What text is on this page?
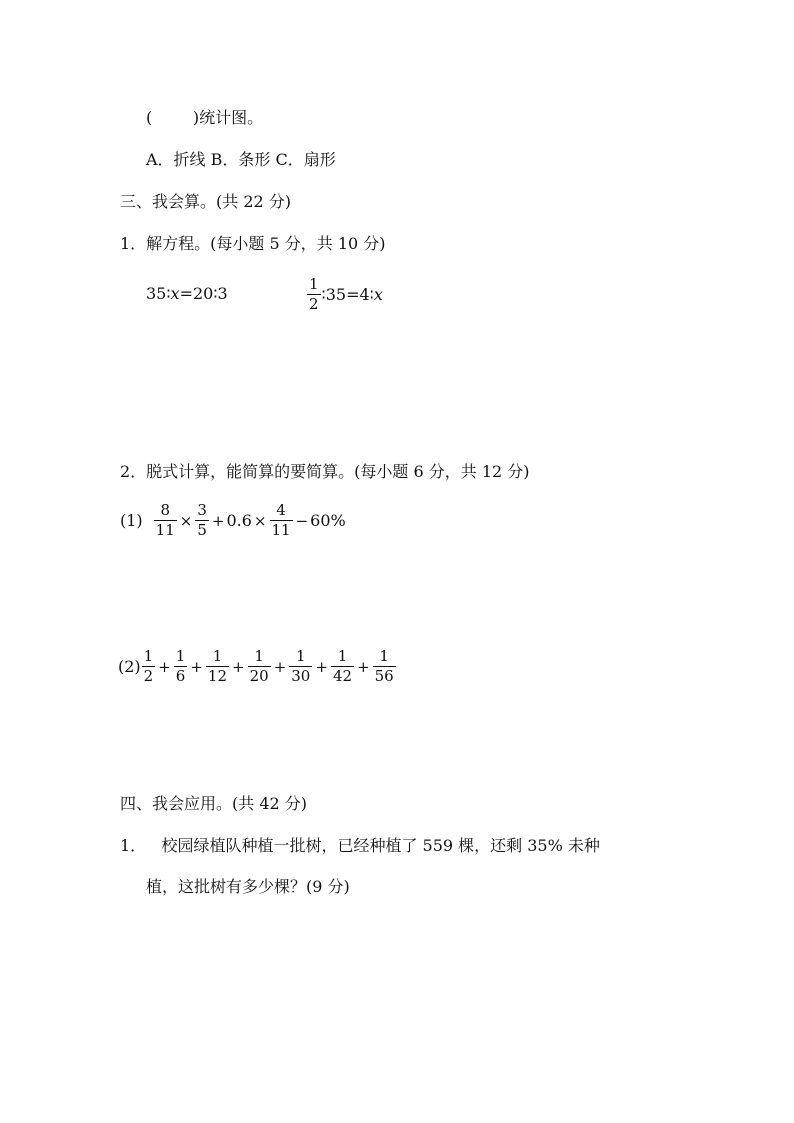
(        )统计图。
A．折线 B．条形 C．扇形
三、我会算。(共 22 分)
1．解方程。(每小题 5 分，共 10 分)
35 ∶ x =20∶3	$\frac{1}{2}$ ∶35=4∶ x
2．脱式计算，能简算的要简算。(每小题 6 分，共 12 分)
$(1) \frac{8}{11} \times \frac{3}{5} + 0.6 \times \frac{4}{11} - 60\%$
$(2) \frac{1}{2} + \frac{1}{6} + \frac{1}{12} + \frac{1}{20} + \frac{1}{30} + \frac{1}{42} + \frac{1}{56}$
四、我会应用。(共 42 分)
1．   校园绿植队种植一批树，已经种植了 559 棵，还剩 35% 未种
植，这批树有多少棵？(9 分)
